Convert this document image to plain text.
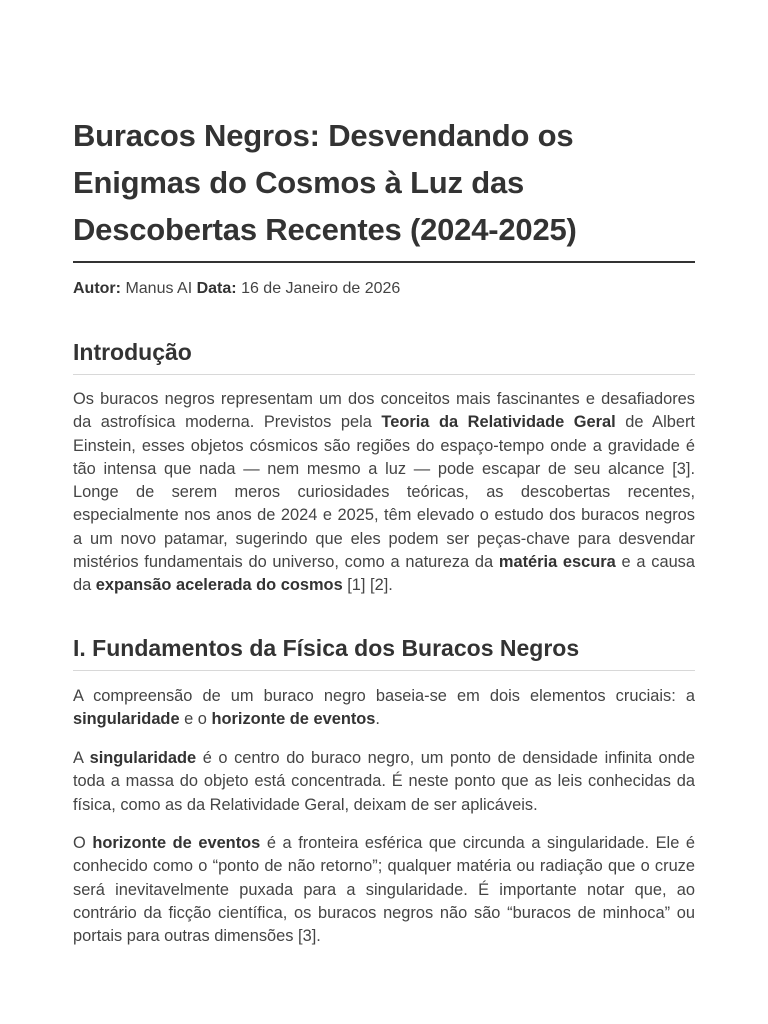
Buracos Negros: Desvendando os Enigmas do Cosmos à Luz das Descobertas Recentes (2024-2025)
Autor: Manus AI Data: 16 de Janeiro de 2026
Introdução

Os buracos negros representam um dos conceitos mais fascinantes e desafiadores da astrofísica moderna. Previstos pela Teoria da Relatividade Geral de Albert Einstein, esses objetos cósmicos são regiões do espaço-tempo onde a gravidade é tão intensa que nada — nem mesmo a luz — pode escapar de seu alcance [3]. Longe de serem meros curiosidades teóricas, as descobertas recentes, especialmente nos anos de 2024 e 2025, têm elevado o estudo dos buracos negros a um novo patamar, sugerindo que eles podem ser peças-chave para desvendar mistérios fundamentais do universo, como a natureza da matéria escura e a causa da expansão acelerada do cosmos [1] [2].

I. Fundamentos da Física dos Buracos Negros

A compreensão de um buraco negro baseia-se em dois elementos cruciais: a singularidade e o horizonte de eventos.

A singularidade é o centro do buraco negro, um ponto de densidade infinita onde toda a massa do objeto está concentrada. É neste ponto que as leis conhecidas da física, como as da Relatividade Geral, deixam de ser aplicáveis.

O horizonte de eventos é a fronteira esférica que circunda a singularidade. Ele é conhecido como o “ponto de não retorno”; qualquer matéria ou radiação que o cruze será inevitavelmente puxada para a singularidade. É importante notar que, ao contrário da ficção científica, os buracos negros não são “buracos de minhoca” ou portais para outras dimensões [3].
